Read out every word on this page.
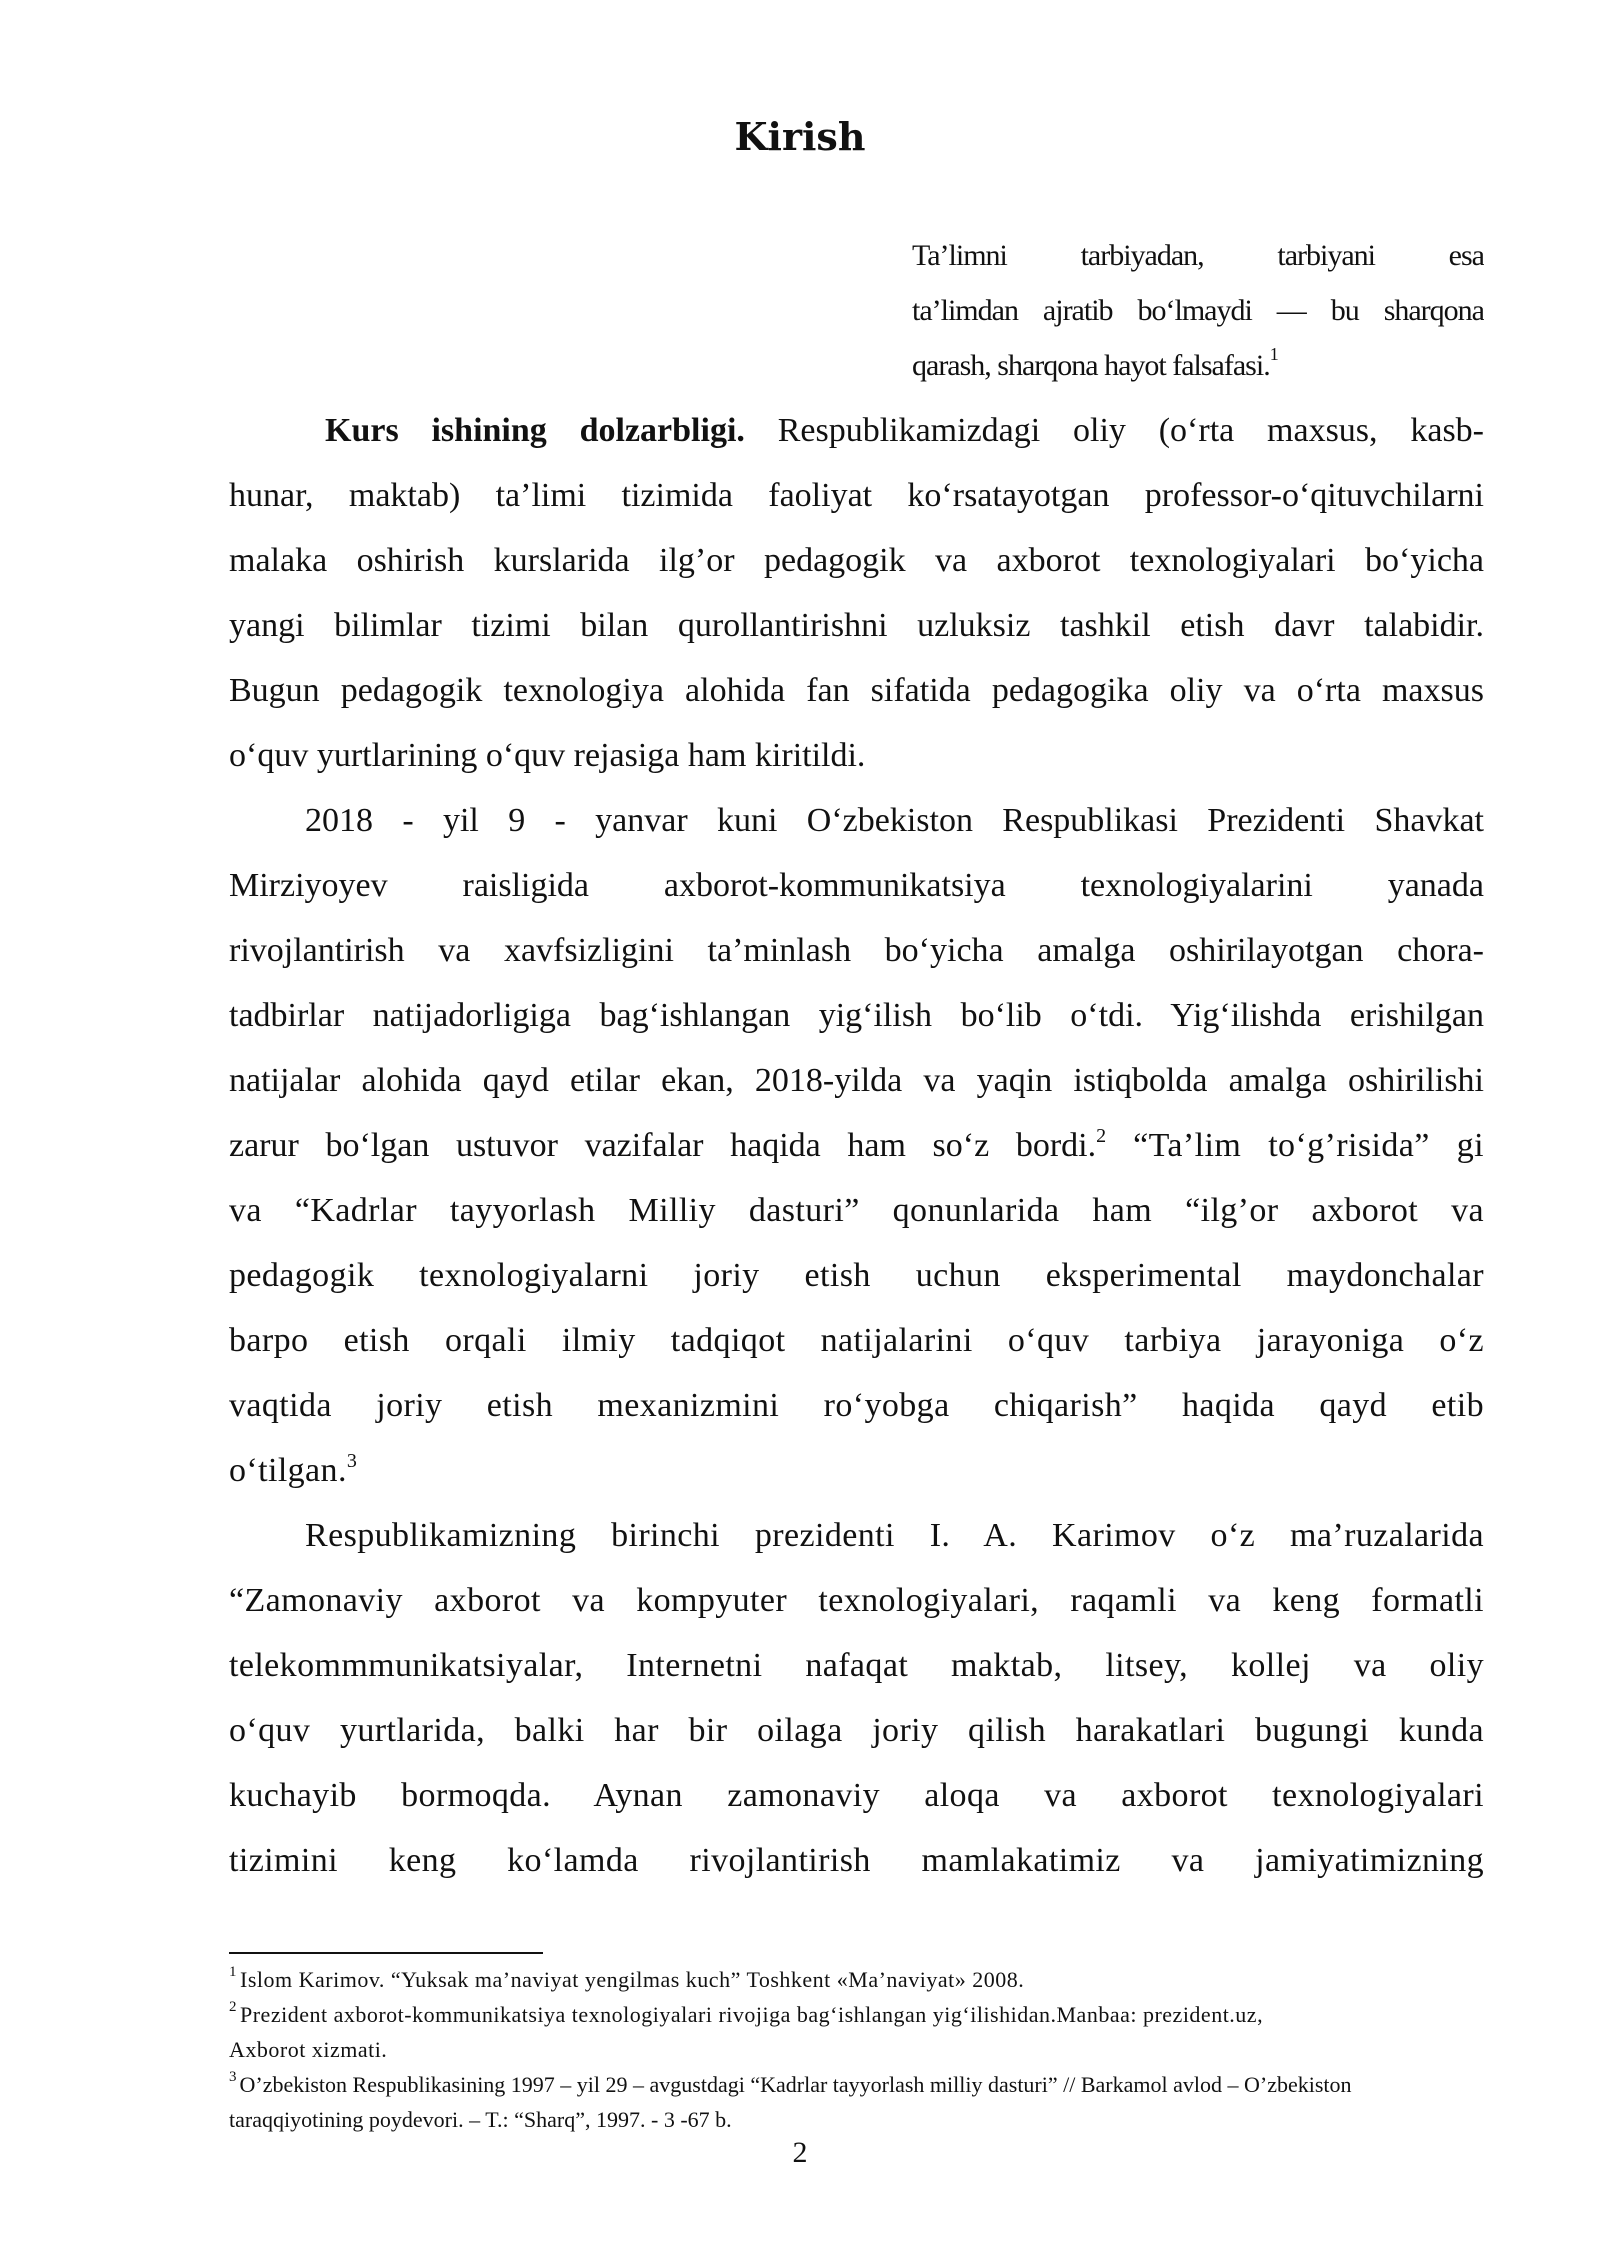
Kirish
Ta’limni tarbiyadan, tarbiyani esa
ta’limdan ajratib bo‘lmaydi — bu sharqona
qarash, sharqona hayot falsafasi.$^1$
Kurs ishining dolzarbligi. Respublikamizdagi oliy (o‘rta maxsus, kasb-
hunar, maktab) ta’limi tizimida faoliyat ko‘rsatayotgan professor-o‘qituvchilarni
malaka oshirish kurslarida ilg’or pedagogik va axborot texnologiyalari bo‘yicha
yangi bilimlar tizimi bilan qurollantirishni uzluksiz tashkil etish davr talabidir.
Bugun pedagogik texnologiya alohida fan sifatida pedagogika oliy va o‘rta maxsus
o‘quv yurtlarining o‘quv rejasiga ham kiritildi.
2018 - yil 9 - yanvar kuni O‘zbekiston Respublikasi Prezidenti Shavkat
Mirziyoyev raisligida axborot-kommunikatsiya texnologiyalarini yanada
rivojlantirish va xavfsizligini ta’minlash bo‘yicha amalga oshirilayotgan chora-
tadbirlar natijadorligiga bag‘ishlangan yig‘ilish bo‘lib o‘tdi. Yig‘ilishda erishilgan
natijalar alohida qayd etilar ekan, 2018-yilda va yaqin istiqbolda amalga oshirilishi
zarur bo‘lgan ustuvor vazifalar haqida ham so‘z bordi.$^2$ “Ta’lim to‘g’risida” gi
va “Kadrlar tayyorlash Milliy dasturi” qonunlarida ham “ilg’or axborot va
pedagogik texnologiyalarni joriy etish uchun eksperimental maydonchalar
barpo etish orqali ilmiy tadqiqot natijalarini o‘quv tarbiya jarayoniga o‘z
vaqtida joriy etish mexanizmini ro‘yobga chiqarish” haqida qayd etib
o‘tilgan.$^3$
Respublikamizning birinchi prezidenti I. A. Karimov o‘z ma’ruzalarida
“Zamonaviy axborot va kompyuter texnologiyalari, raqamli va keng formatli
telekommmunikatsiyalar, Internetni nafaqat maktab, litsey, kollej va oliy
o‘quv yurtlarida, balki har bir oilaga joriy qilish harakatlari bugungi kunda
kuchayib bormoqda. Aynan zamonaviy aloqa va axborot texnologiyalari
tizimini keng ko‘lamda rivojlantirish mamlakatimiz va jamiyatimizning
$^1$ Islom Karimov. “Yuksak ma’naviyat yengilmas kuch” Toshkent «Ma’naviyat» 2008.
$^2$ Prezident axborot-kommunikatsiya texnologiyalari rivojiga bag‘ishlangan yig‘ilishidan.Manbaa: prezident.uz,
Axborot xizmati.
$^3$ O’zbekiston Respublikasining 1997 – yil 29 – avgustdagi “Kadrlar tayyorlash milliy dasturi” // Barkamol avlod – O’zbekiston
taraqqiyotining poydevori. – T.: “Sharq”, 1997. - 3 -67 b.
2
